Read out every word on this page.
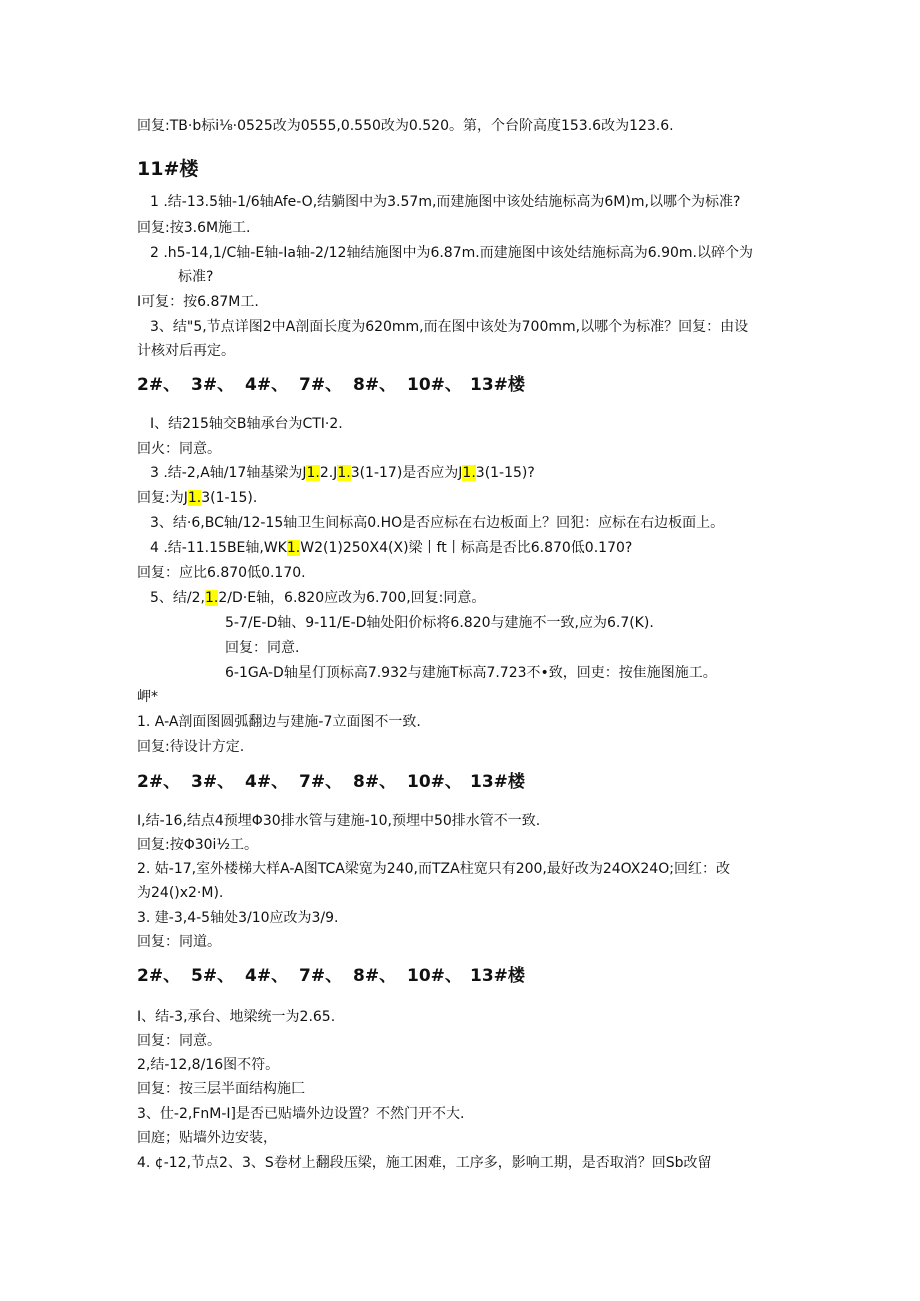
回复:TB·b标i⅛·0525改为0555,0.550改为0.520。第，个台阶高度153.6改为123.6.
11#楼
1 .结-13.5轴-1/6轴Afe-O,结躺图中为3.57m,而建施图中该处结施标高为6M)m,以哪个为标准?
回复:按3.6M施工.
2 .h5-14,1/C轴-E轴-Ia轴-2/12轴结施图中为6.87m.而建施图中该处结施标高为6.90m.以碎个为
标准?
I可复：按6.87M工.
3、结"5,节点详图2中A剖面长度为620mm,而在图中该处为700mm,以哪个为标准？回复：由设
计核对后再定。
2#、 3#、 4#、 7#、 8#、 10#、 13#楼
I、结215轴交B轴承台为CTI·2.
回火：同意。
3 .结-2,A轴/17轴基梁为J1.2.J1.3(1-17)是否应为J1.3(1-15)?
回复:为J1.3(1-15).
3、结·6,BC轴/12-15轴卫生间标高0.HO是否应标在右边板面上？回犯：应标在右边板面上。
4 .结-11.15BE轴,WK1.W2(1)250X4(X)梁丨ft丨标高是否比6.870低0.170?
回复：应比6.870低0.170.
5、结/2,1.2∕D·E轴，6.820应改为6.700,回复:同意。
5-7/E-D轴、9-11/E-D轴处阳价标将6.820与建施不一致,应为6.7(K).
回复：同意.
6-1GA-D轴星仃顶标高7.932与建施T标高7.723不•致，回吏：按隹施图施工。
岬*
1. A-A剖面图圆弧翻边与建施-7立面图不一致.
回复:待设计方定.
2#、 3#、 4#、 7#、 8#、 10#、 13#楼
I,结-16,结点4预埋Φ30排水管与建施-10,预埋中50排水管不一致.
回复:按Φ30i½工。
2. 姑-17,室外楼梯大样A-A图TCA梁宽为240,而TZA柱宽只有200,最好改为24OX24O;回红：改
为24()x2·M).
3. 建-3,4-5轴处3/10应改为3/9.
回复：同道。
2#、 5#、 4#、 7#、 8#、 10#、 13#楼
I、结-3,承台、地梁统一为2.65.
回复：同意。
2,结-12,8/16图不符。
回复：按三层半面结构施匚
3、仕-2,FnM-I]是否已贴墙外边设置？不然门开不大.
回庭；贴墙外边安装，
4. ¢-12,节点2、3、S卷材上翻段压梁，施工困难，工序多，影响工期，是否取消？回Sb改留
